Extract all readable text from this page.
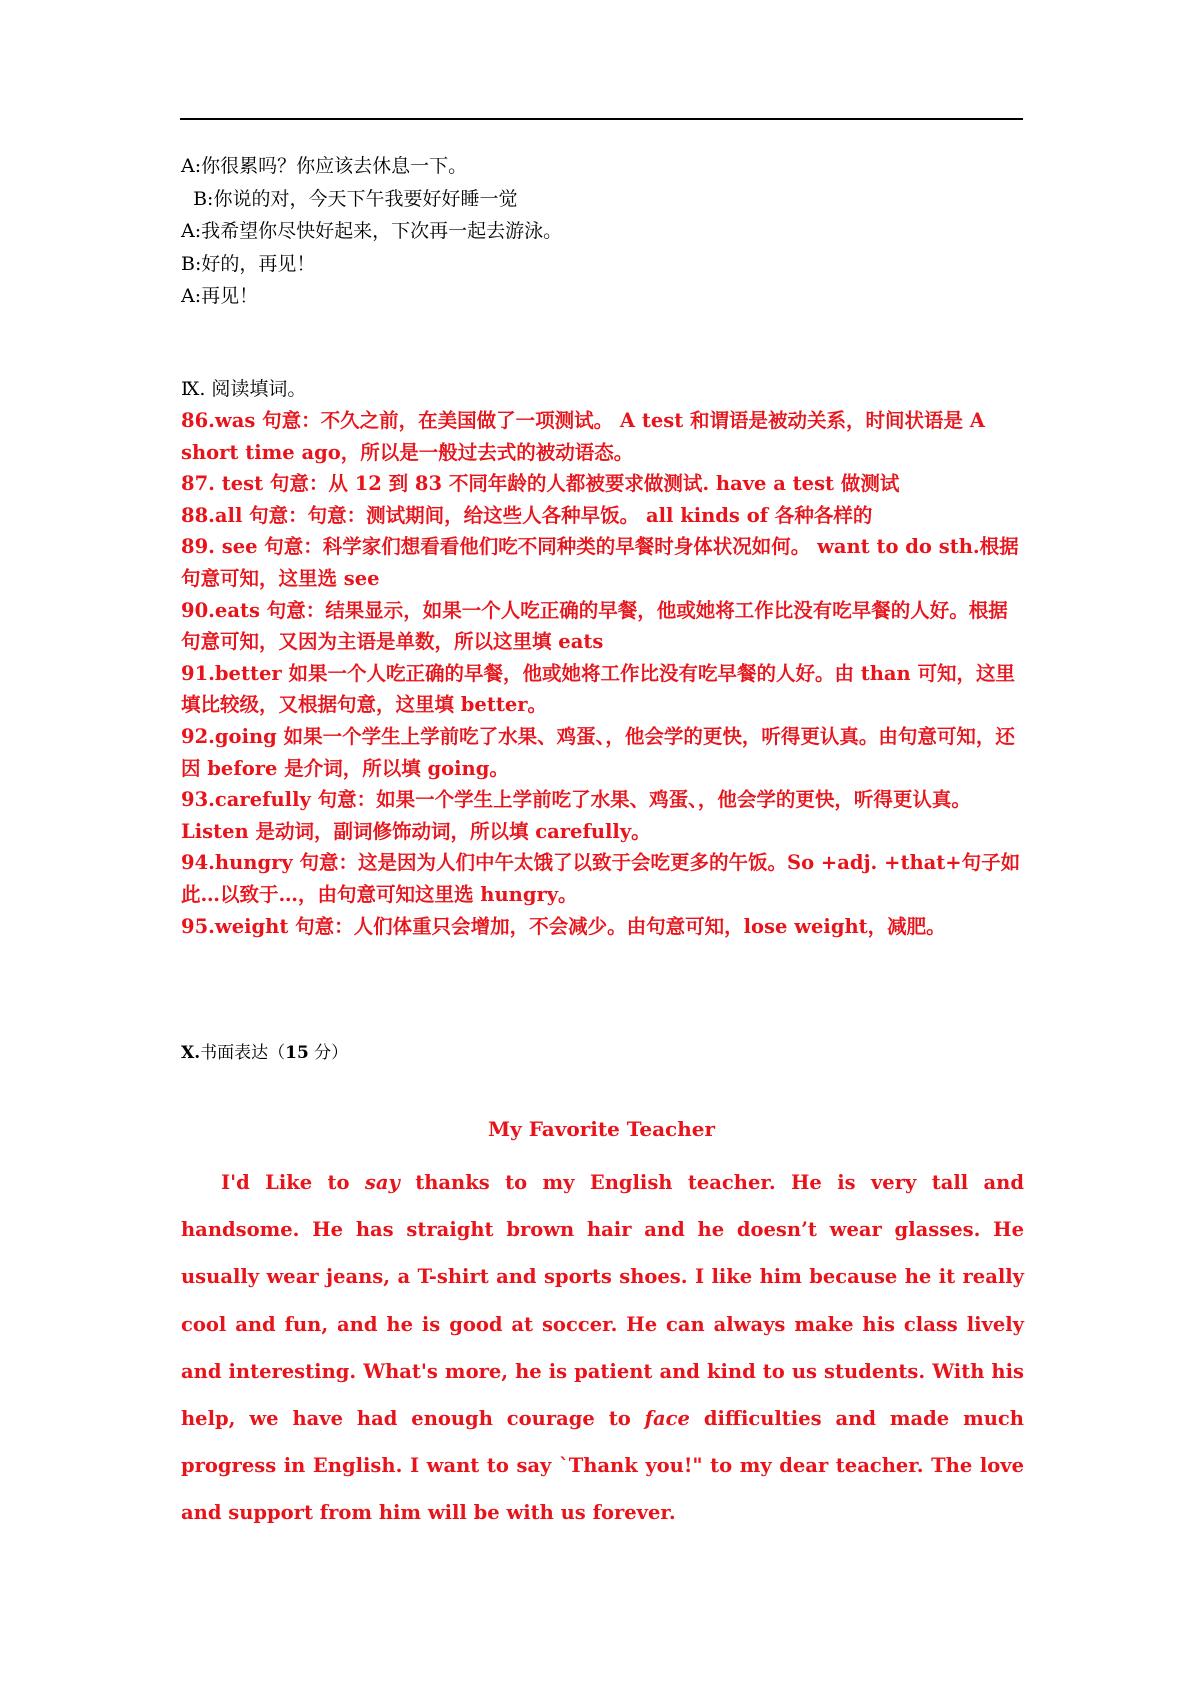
A:你很累吗？你应该去休息一下。
B:你说的对，今天下午我要好好睡一觉
A:我希望你尽快好起来，下次再一起去游泳。
B:好的，再见！
A:再见！
Ⅸ. 阅读填词。

86.was 句意：不久之前，在美国做了一项测试。 A test 和谓语是被动关系，时间状语是 A short time ago，所以是一般过去式的被动语态。

87. test 句意：从 12 到 83 不同年龄的人都被要求做测试. have a test 做测试

88.all 句意：句意：测试期间，给这些人各种早饭。 all kinds of 各种各样的

89. see 句意：科学家们想看看他们吃不同种类的早餐时身体状况如何。 want to do sth.根据句意可知，这里选 see

90.eats 句意：结果显示，如果一个人吃正确的早餐，他或她将工作比没有吃早餐的人好。根据句意可知，又因为主语是单数，所以这里填 eats

91.better 如果一个人吃正确的早餐，他或她将工作比没有吃早餐的人好。由 than 可知，这里填比较级，又根据句意，这里填 better。

92.going 如果一个学生上学前吃了水果、鸡蛋、，他会学的更快，听得更认真。由句意可知，还因 before 是介词，所以填 going。

93.carefully 句意：如果一个学生上学前吃了水果、鸡蛋、，他会学的更快，听得更认真。Listen 是动词，副词修饰动词，所以填 carefully。

94.hungry 句意：这是因为人们中午太饿了以致于会吃更多的午饭。So +adj. +that+句子如此…以致于…，由句意可知这里选 hungry。

95.weight 句意：人们体重只会增加，不会减少。由句意可知，lose weight，减肥。

X.书面表达（15 分）
My Favorite Teacher

I'd Like to say thanks to my English teacher. He is very tall and handsome. He has straight brown hair and he doesn’t wear glasses. He usually wear jeans, a T-shirt and sports shoes. I like him because he it really cool and fun, and he is good at soccer. He can always make his class lively and interesting. What's more, he is patient and kind to us students. With his help, we have had enough courage to face difficulties and made much progress in English. I want to say `Thank you!" to my dear teacher. The love and support from him will be with us forever.
